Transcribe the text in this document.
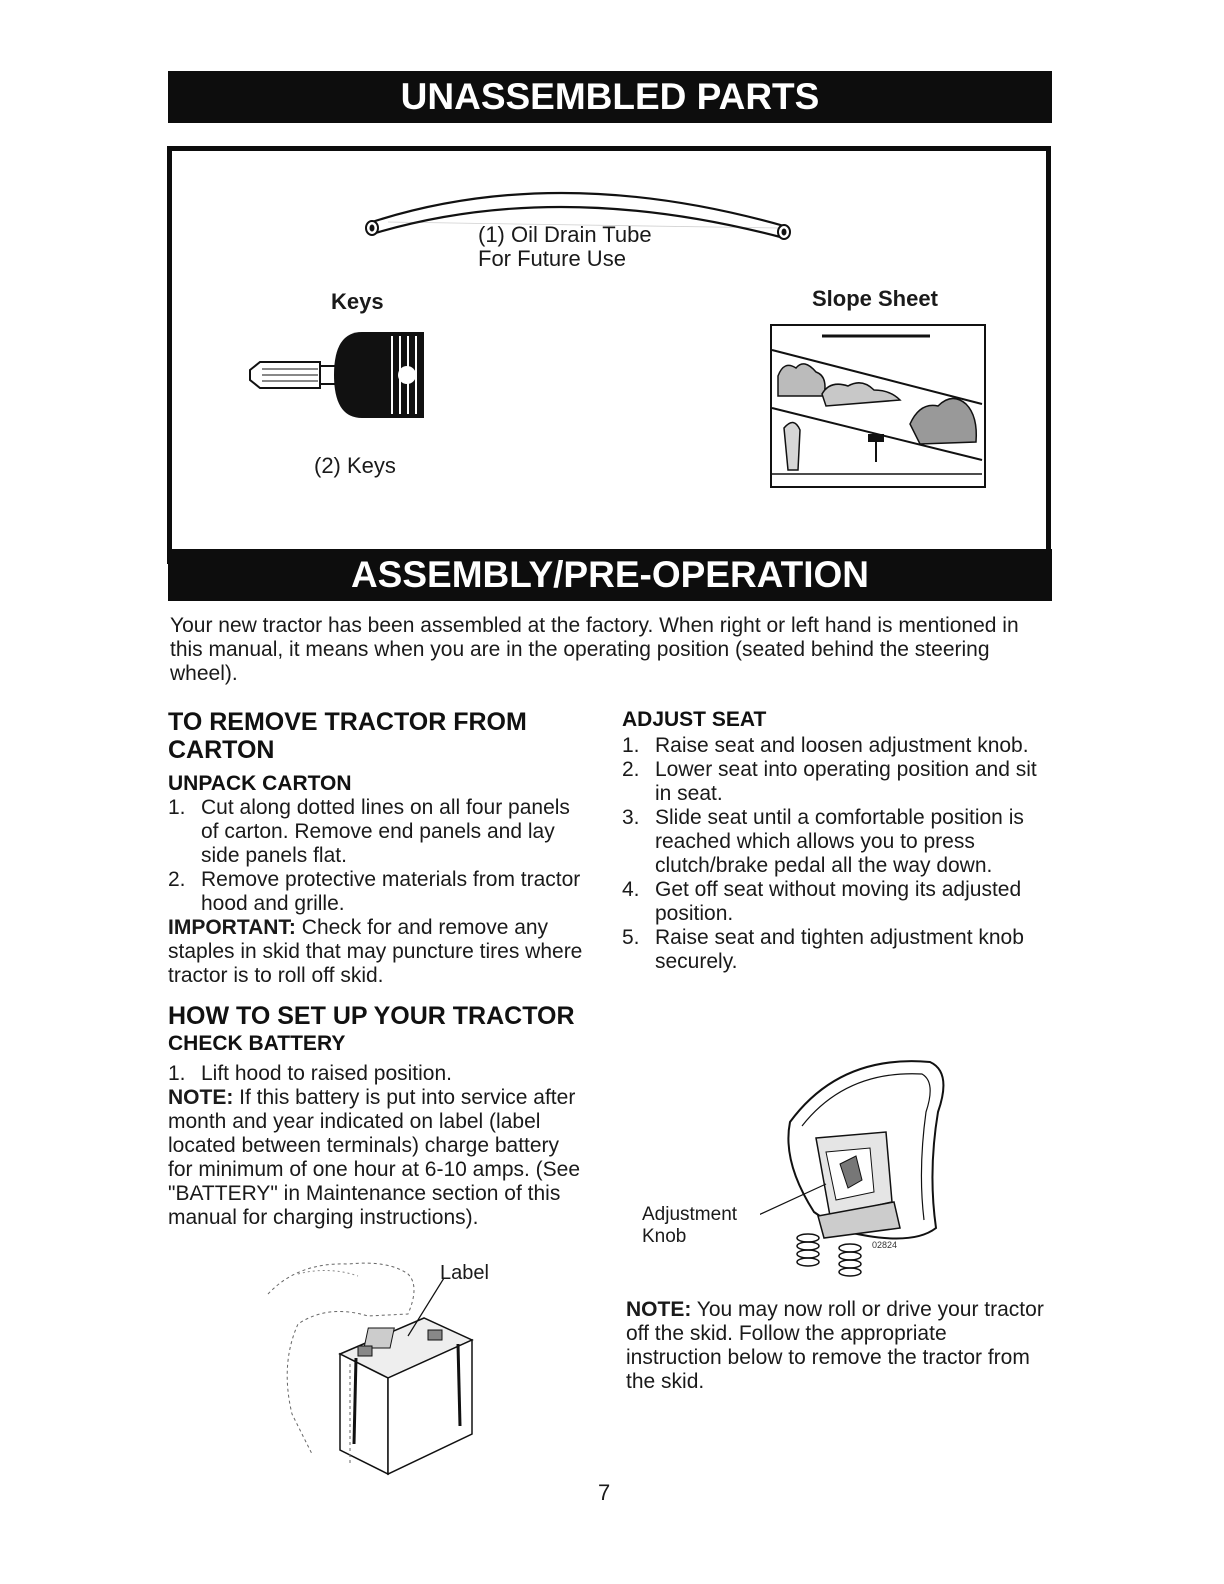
UNASSEMBLED PARTS
(1) Oil Drain Tube
For Future Use
Keys
(2) Keys
Slope Sheet
ASSEMBLY/PRE-OPERATION

Your new tractor has been assembled at the factory. When right or left hand is mentioned in this manual, it means when you are in the operating position (seated behind the steering wheel).

TO REMOVE TRACTOR FROM
CARTON
UNPACK CARTON
1. Cut along dotted lines on all four panels of carton. Remove end panels and lay side panels flat.
2. Remove protective materials from tractor hood and grille.

IMPORTANT: Check for and remove any staples in skid that may puncture tires where tractor is to roll off skid.

HOW TO SET UP YOUR TRACTOR
CHECK BATTERY
1. Lift hood to raised position.

NOTE: If this battery is put into service after month and year indicated on label (label located between terminals) charge battery for minimum of one hour at 6-10 amps. (See "BATTERY" in Maintenance section of this manual for charging instructions).

Label
ADJUST SEAT
1. Raise seat and loosen adjustment knob.
2. Lower seat into operating position and sit in seat.
3. Slide seat until a comfortable position is reached which allows you to press clutch/brake pedal all the way down.
4. Get off seat without moving its adjusted position.
5. Raise seat and tighten adjustment knob securely.
Adjustment
Knob	02824

NOTE: You may now roll or drive your tractor off the skid. Follow the appropriate instruction below to remove the tractor from the skid.

7
